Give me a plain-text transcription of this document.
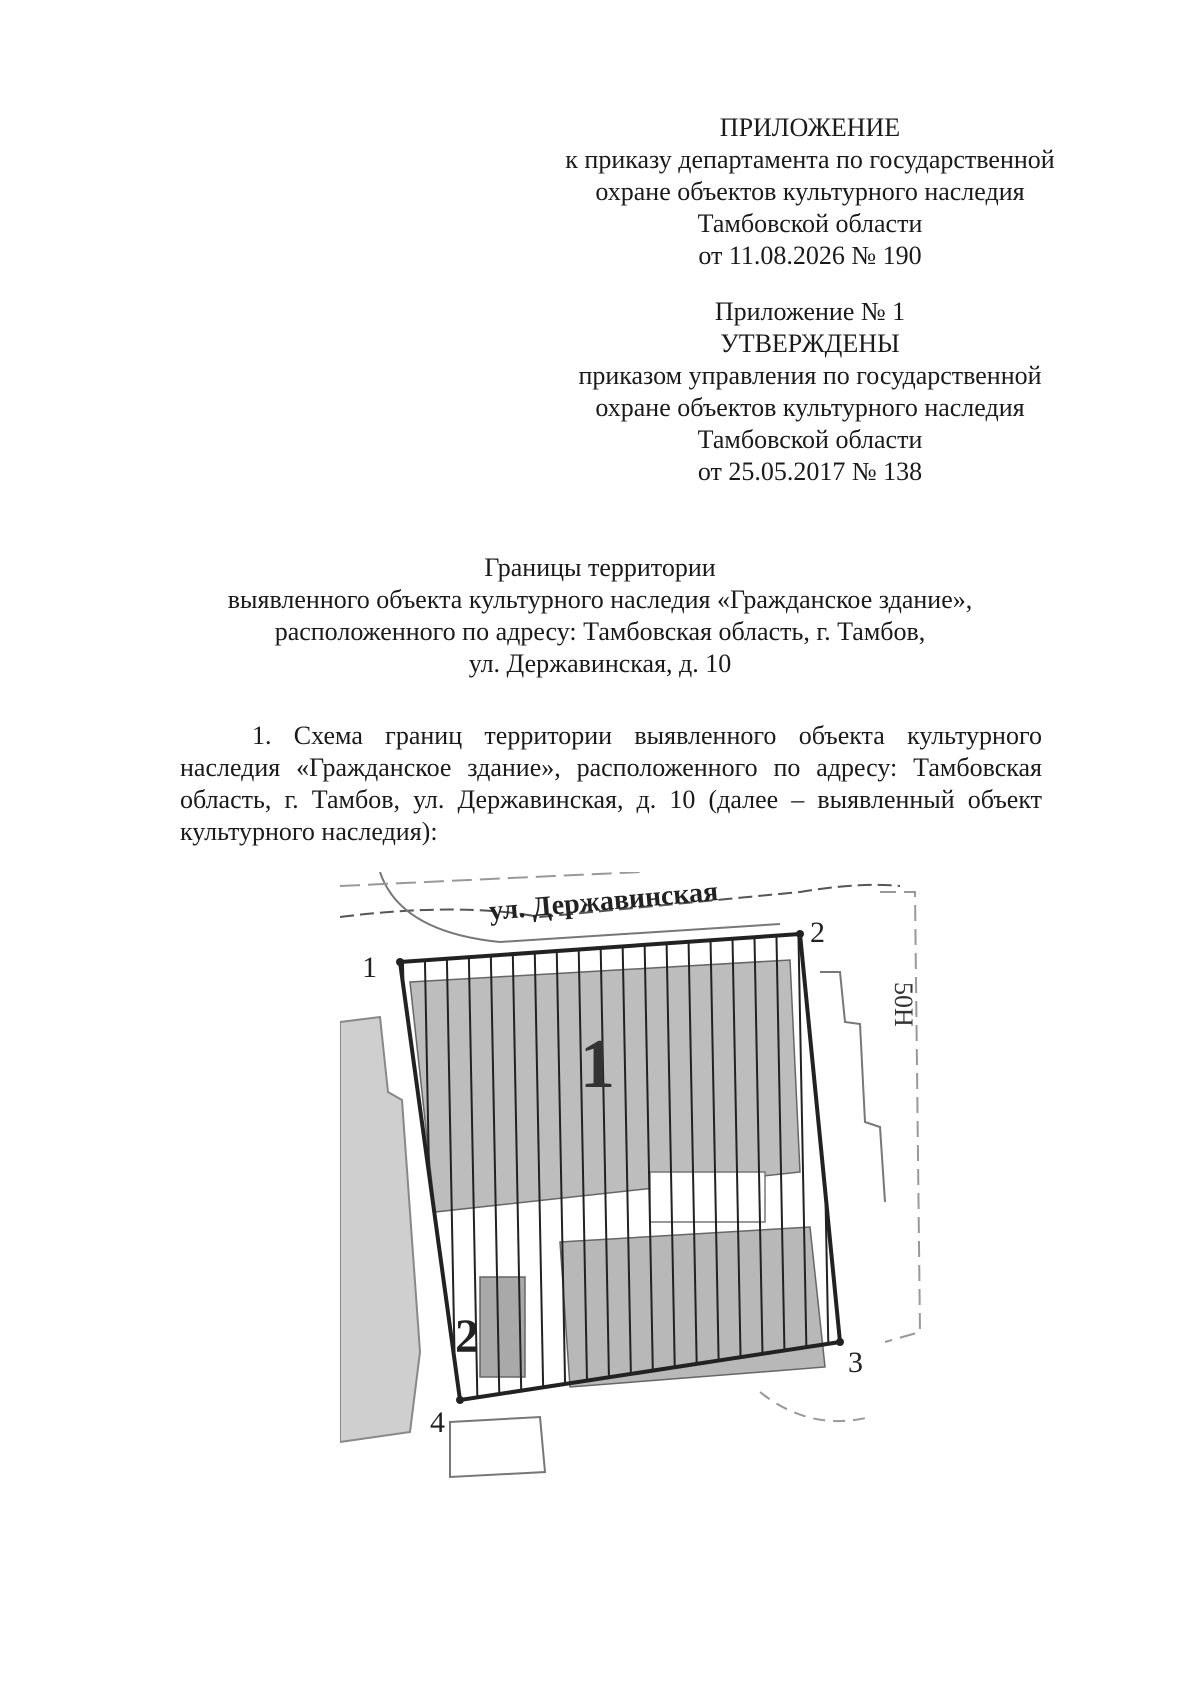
ПРИЛОЖЕНИЕ
к приказу департамента по государственной
охране объектов культурного наследия
Тамбовской области
от 11.08.2026 № 190
Приложение № 1
УТВЕРЖДЕНЫ
приказом управления по государственной
охране объектов культурного наследия
Тамбовской области
от 25.05.2017 № 138
Границы территории
выявленного объекта культурного наследия «Гражданское здание»,
расположенного по адресу: Тамбовская область, г. Тамбов,
ул. Державинская, д. 10
1. Схема границ территории выявленного объекта культурного наследия «Гражданское здание», расположенного по адресу: Тамбовская область, г. Тамбов, ул. Державинская, д. 10 (далее – выявленный объект культурного наследия):
ул. Державинская
1
2
3
4
1
2
50Н
